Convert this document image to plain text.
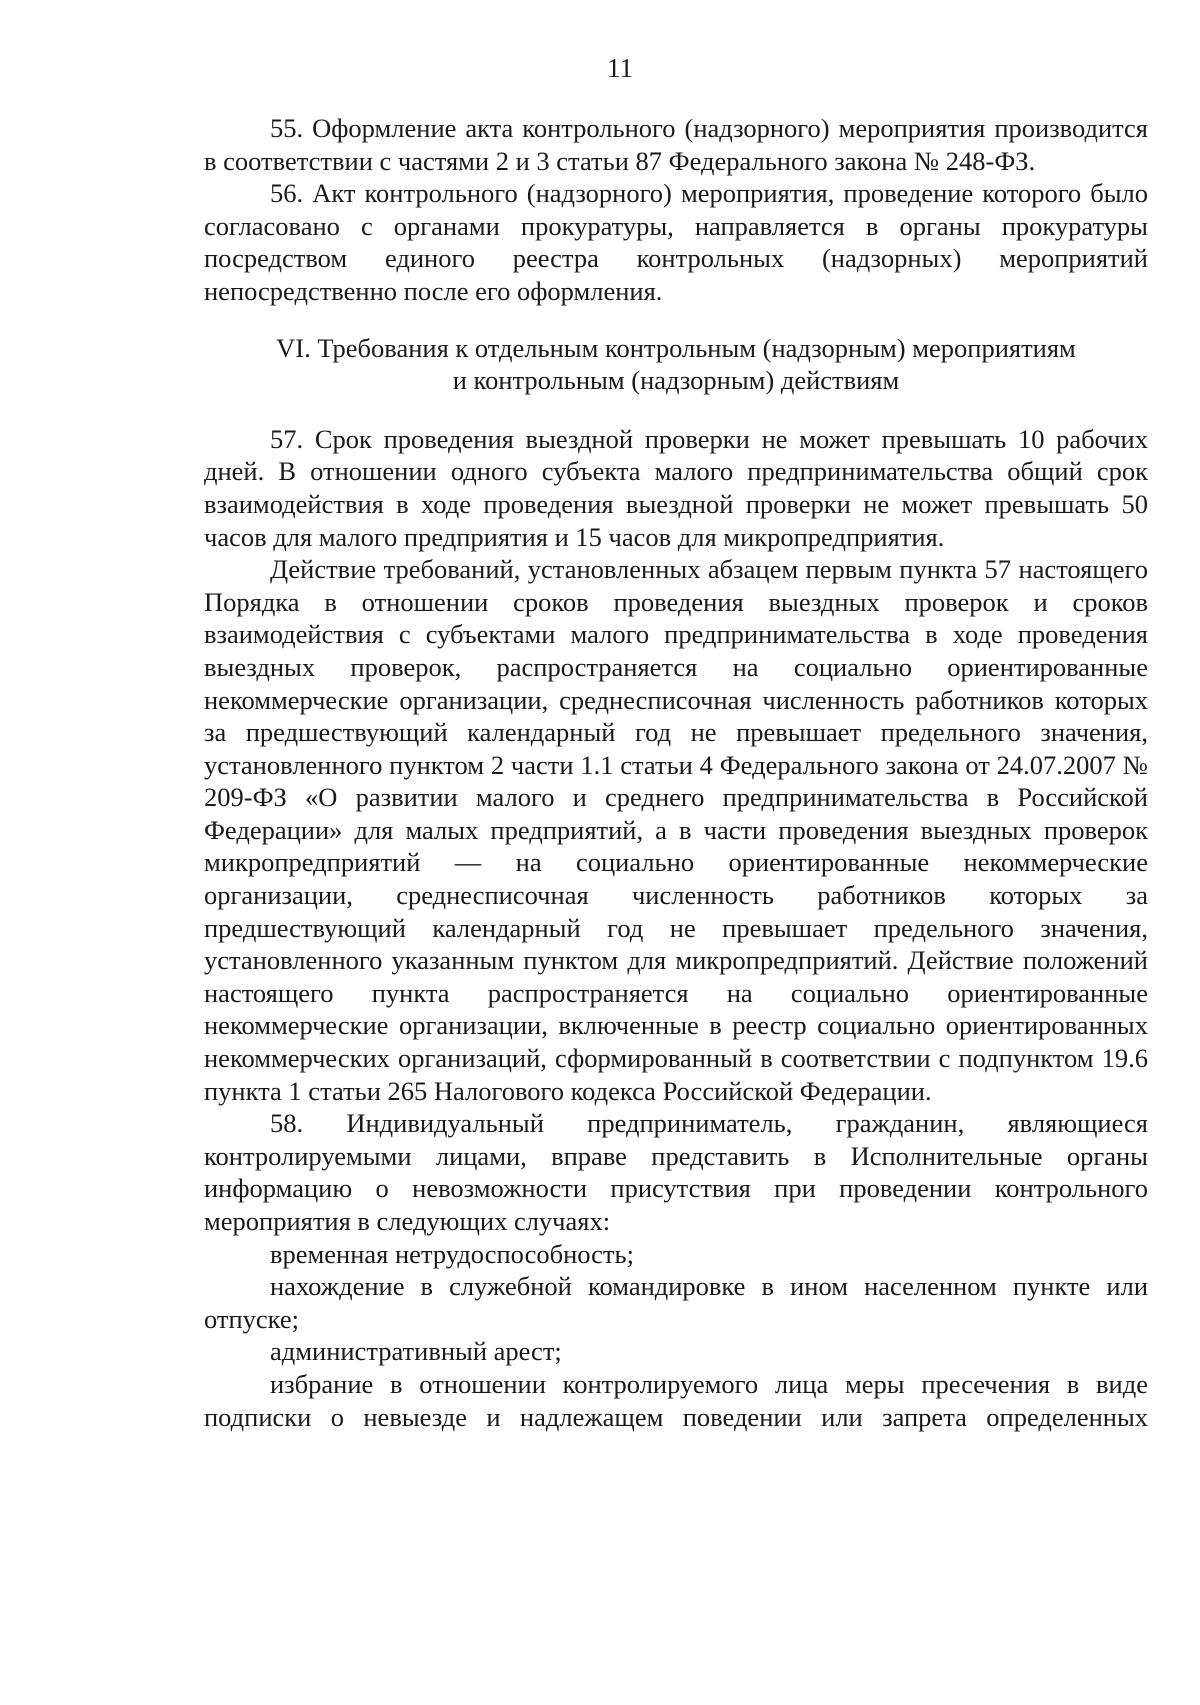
11

55. Оформление акта контрольного (надзорного) мероприятия производится в соответствии с частями 2 и 3 статьи 87 Федерального закона № 248-ФЗ.

56. Акт контрольного (надзорного) мероприятия, проведение которого было согласовано с органами прокуратуры, направляется в органы прокуратуры посредством единого реестра контрольных (надзорных) мероприятий непосредственно после его оформления.

VI. Требования к отдельным контрольным (надзорным) мероприятиям
и контрольным (надзорным) действиям

57. Срок проведения выездной проверки не может превышать 10 рабочих дней. В отношении одного субъекта малого предпринимательства общий срок взаимодействия в ходе проведения выездной проверки не может превышать 50 часов для малого предприятия и 15 часов для микропредприятия.

Действие требований, установленных абзацем первым пункта 57 настоящего Порядка в отношении сроков проведения выездных проверок и сроков взаимодействия с субъектами малого предпринимательства в ходе проведения выездных проверок, распространяется на социально ориентированные некоммерческие организации, среднесписочная численность работников которых за предшествующий календарный год не превышает предельного значения, установленного пунктом 2 части 1.1 статьи 4 Федерального закона от 24.07.2007 № 209-ФЗ «О развитии малого и среднего предпринимательства в Российской Федерации» для малых предприятий, а в части проведения выездных проверок микропредприятий — на социально ориентированные некоммерческие организации, среднесписочная численность работников которых за предшествующий календарный год не превышает предельного значения, установленного указанным пунктом для микропредприятий. Действие положений настоящего пункта распространяется на социально ориентированные некоммерческие организации, включенные в реестр социально ориентированных некоммерческих организаций, сформированный в соответствии с подпунктом 19.6 пункта 1 статьи 265 Налогового кодекса Российской Федерации.

58. Индивидуальный предприниматель, гражданин, являющиеся контролируемыми лицами, вправе представить в Исполнительные органы информацию о невозможности присутствия при проведении контрольного мероприятия в следующих случаях:

временная нетрудоспособность;

нахождение в служебной командировке в ином населенном пункте или отпуске;

административный арест;

избрание в отношении контролируемого лица меры пресечения в виде подписки о невыезде и надлежащем поведении или запрета определенных
